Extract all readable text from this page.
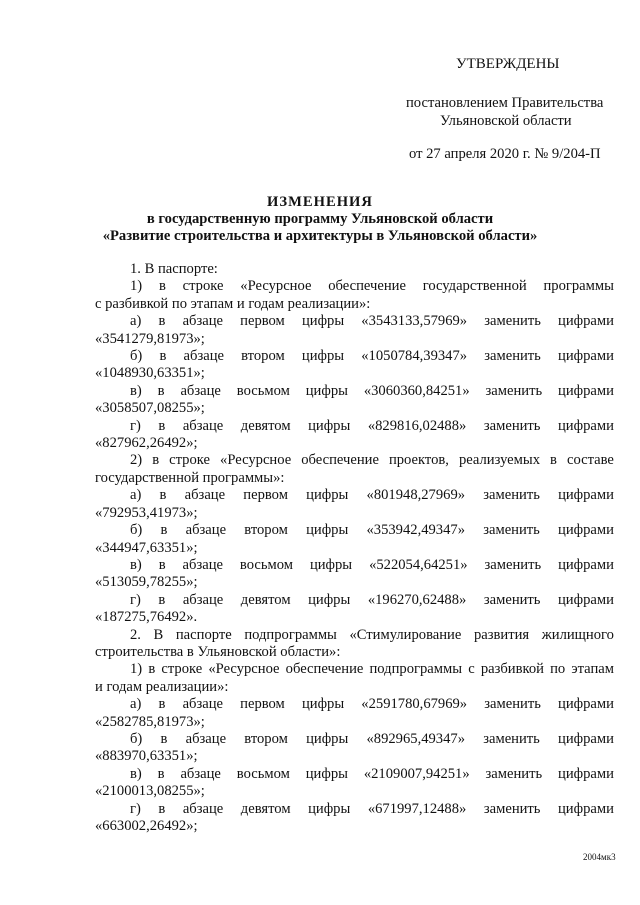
УТВЕРЖДЕНЫ
постановлением Правительства
Ульяновской области
от 27 апреля 2020 г. № 9/204-П
ИЗМЕНЕНИЯ
в государственную программу Ульяновской области
«Развитие строительства и архитектуры в Ульяновской области»
1. В паспорте:
1) в строке «Ресурсное обеспечение государственной программы
с разбивкой по этапам и годам реализации»:
а) в абзаце первом цифры «3543133,57969» заменить цифрами
«3541279,81973»;
б) в абзаце втором цифры «1050784,39347» заменить цифрами
«1048930,63351»;
в) в абзаце восьмом цифры «3060360,84251» заменить цифрами
«3058507,08255»;
г) в абзаце девятом цифры «829816,02488» заменить цифрами
«827962,26492»;
2) в строке «Ресурсное обеспечение проектов, реализуемых в составе
государственной программы»:
а) в абзаце первом цифры «801948,27969» заменить цифрами
«792953,41973»;
б) в абзаце втором цифры «353942,49347» заменить цифрами
«344947,63351»;
в) в абзаце восьмом цифры «522054,64251» заменить цифрами
«513059,78255»;
г) в абзаце девятом цифры «196270,62488» заменить цифрами
«187275,76492».
2. В паспорте подпрограммы «Стимулирование развития жилищного
строительства в Ульяновской области»:
1) в строке «Ресурсное обеспечение подпрограммы с разбивкой по этапам
и годам реализации»:
а) в абзаце первом цифры «2591780,67969» заменить цифрами
«2582785,81973»;
б) в абзаце втором цифры «892965,49347» заменить цифрами
«883970,63351»;
в) в абзаце восьмом цифры «2109007,94251» заменить цифрами
«2100013,08255»;
г) в абзаце девятом цифры «671997,12488» заменить цифрами
«663002,26492»;
2004мк3
